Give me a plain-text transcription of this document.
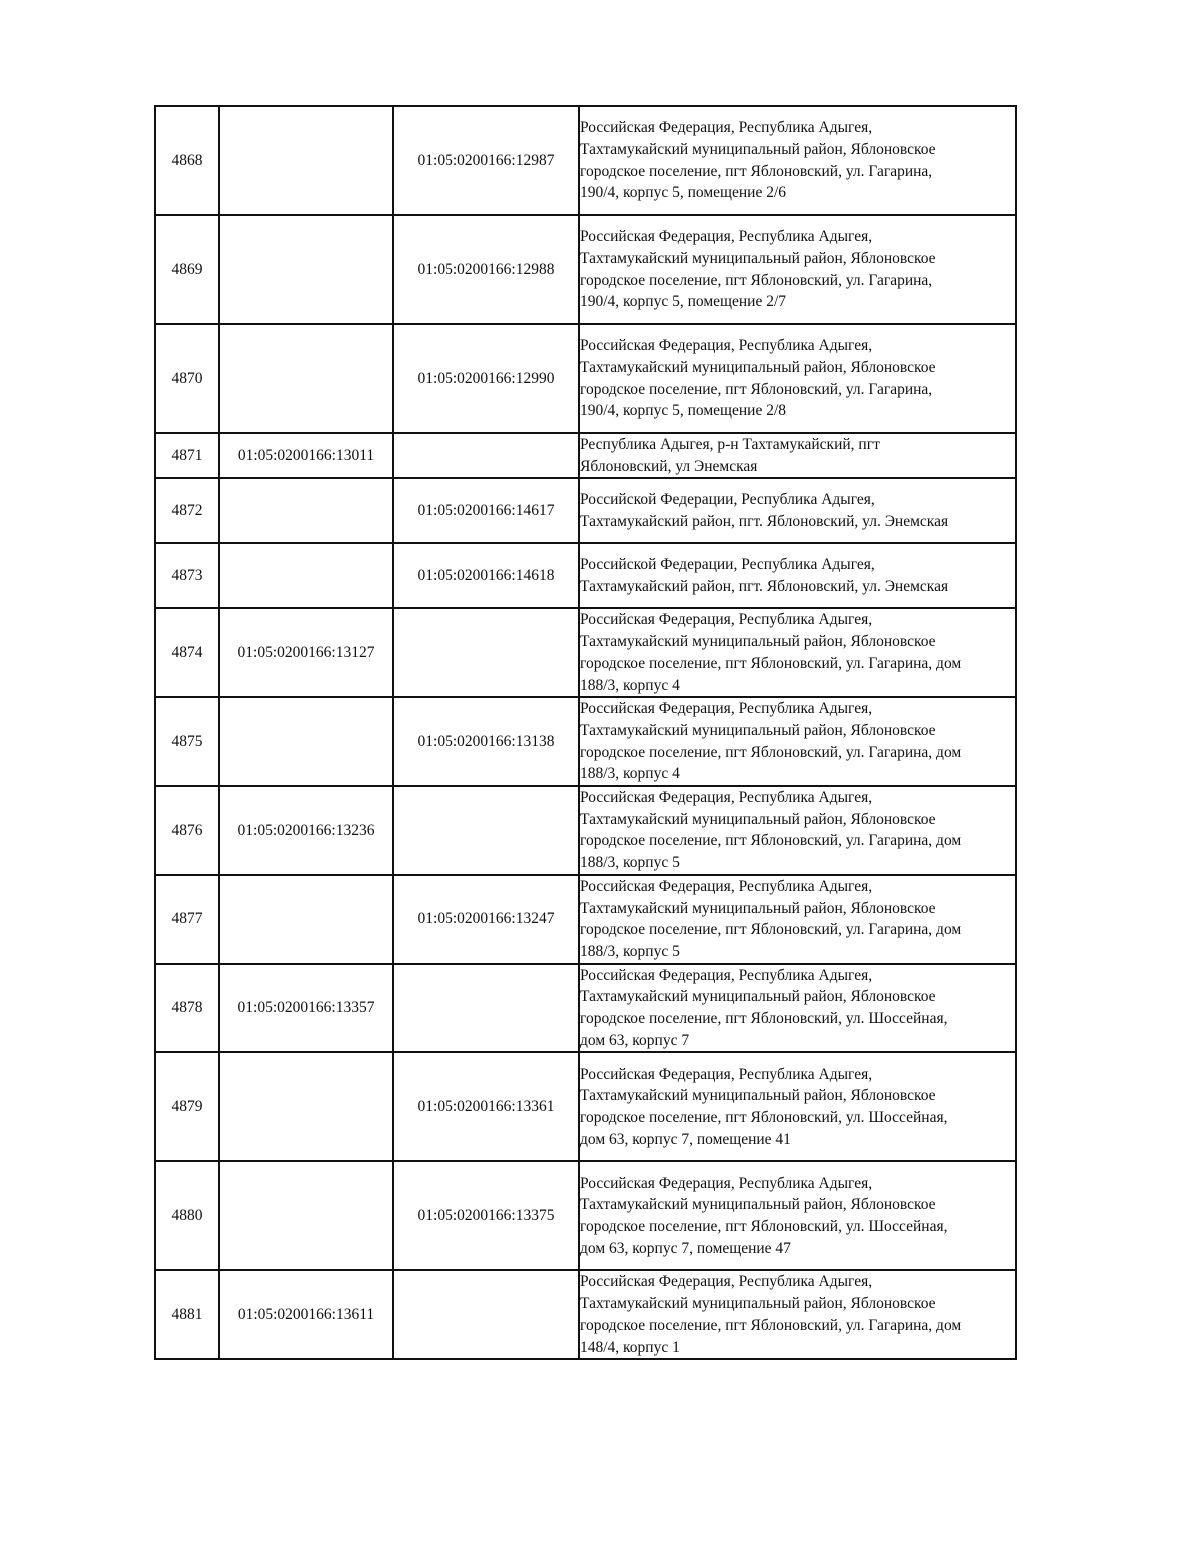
4868		01:05:0200166:12987	Российская Федерация, Республика Адыгея,
Тахтамукайский муниципальный район, Яблоновское
городское поселение, пгт Яблоновский, ул. Гагарина,
190/4, корпус 5, помещение 2/6
4869		01:05:0200166:12988	Российская Федерация, Республика Адыгея,
Тахтамукайский муниципальный район, Яблоновское
городское поселение, пгт Яблоновский, ул. Гагарина,
190/4, корпус 5, помещение 2/7
4870		01:05:0200166:12990	Российская Федерация, Республика Адыгея,
Тахтамукайский муниципальный район, Яблоновское
городское поселение, пгт Яблоновский, ул. Гагарина,
190/4, корпус 5, помещение 2/8
4871	01:05:0200166:13011		Республика Адыгея, р-н Тахтамукайский, пгт
Яблоновский, ул Энемская
4872		01:05:0200166:14617	Российской Федерации, Республика Адыгея,
Тахтамукайский район, пгт. Яблоновский, ул. Энемская
4873		01:05:0200166:14618	Российской Федерации, Республика Адыгея,
Тахтамукайский район, пгт. Яблоновский, ул. Энемская
4874	01:05:0200166:13127		Российская Федерация, Республика Адыгея,
Тахтамукайский муниципальный район, Яблоновское
городское поселение, пгт Яблоновский, ул. Гагарина, дом
188/3, корпус 4
4875		01:05:0200166:13138	Российская Федерация, Республика Адыгея,
Тахтамукайский муниципальный район, Яблоновское
городское поселение, пгт Яблоновский, ул. Гагарина, дом
188/3, корпус 4
4876	01:05:0200166:13236		Российская Федерация, Республика Адыгея,
Тахтамукайский муниципальный район, Яблоновское
городское поселение, пгт Яблоновский, ул. Гагарина, дом
188/3, корпус 5
4877		01:05:0200166:13247	Российская Федерация, Республика Адыгея,
Тахтамукайский муниципальный район, Яблоновское
городское поселение, пгт Яблоновский, ул. Гагарина, дом
188/3, корпус 5
4878	01:05:0200166:13357		Российская Федерация, Республика Адыгея,
Тахтамукайский муниципальный район, Яблоновское
городское поселение, пгт Яблоновский, ул. Шоссейная,
дом 63, корпус 7
4879		01:05:0200166:13361	Российская Федерация, Республика Адыгея,
Тахтамукайский муниципальный район, Яблоновское
городское поселение, пгт Яблоновский, ул. Шоссейная,
дом 63, корпус 7, помещение 41
4880		01:05:0200166:13375	Российская Федерация, Республика Адыгея,
Тахтамукайский муниципальный район, Яблоновское
городское поселение, пгт Яблоновский, ул. Шоссейная,
дом 63, корпус 7, помещение 47
4881	01:05:0200166:13611		Российская Федерация, Республика Адыгея,
Тахтамукайский муниципальный район, Яблоновское
городское поселение, пгт Яблоновский, ул. Гагарина, дом
148/4, корпус 1
